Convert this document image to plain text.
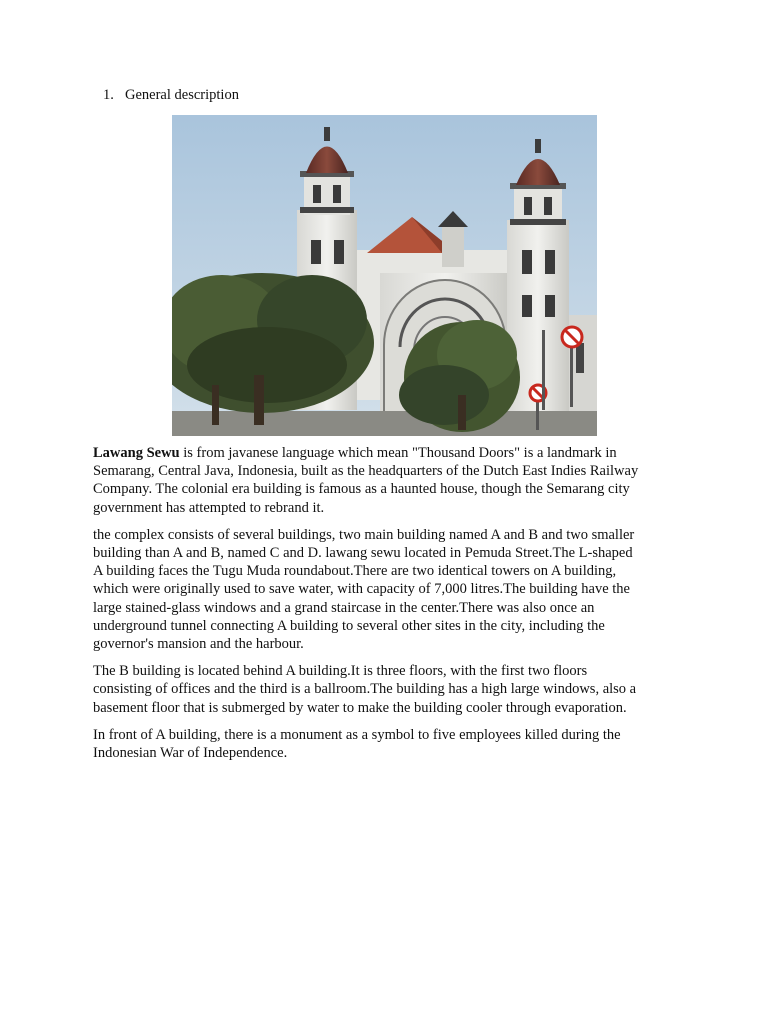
1. General description

Lawang Sewu is from javanese language which mean "Thousand Doors" is a landmark in
Semarang, Central Java, Indonesia, built as the headquarters of the Dutch East Indies Railway
Company. The colonial era building is famous as a haunted house, though the Semarang city
government has attempted to rebrand it.

the complex consists of several buildings, two main building named A and B and two smaller
building than A and B, named C and D. lawang sewu located in Pemuda Street.The L-shaped
A building faces the Tugu Muda roundabout.There are two identical towers on A building,
which were originally used to save water, with capacity of 7,000 litres.The building have the
large stained-glass windows and a grand staircase in the center.There was also once an
underground tunnel connecting A building to several other sites in the city, including the
governor's mansion and the harbour.

The B building is located behind A building.It is three floors, with the first two floors
consisting of offices and the third is a ballroom.The building has a high large windows, also a
basement floor that is submerged by water to make the building cooler through evaporation.

In front of A building, there is a monument as a symbol to five employees killed during the
Indonesian War of Independence.
